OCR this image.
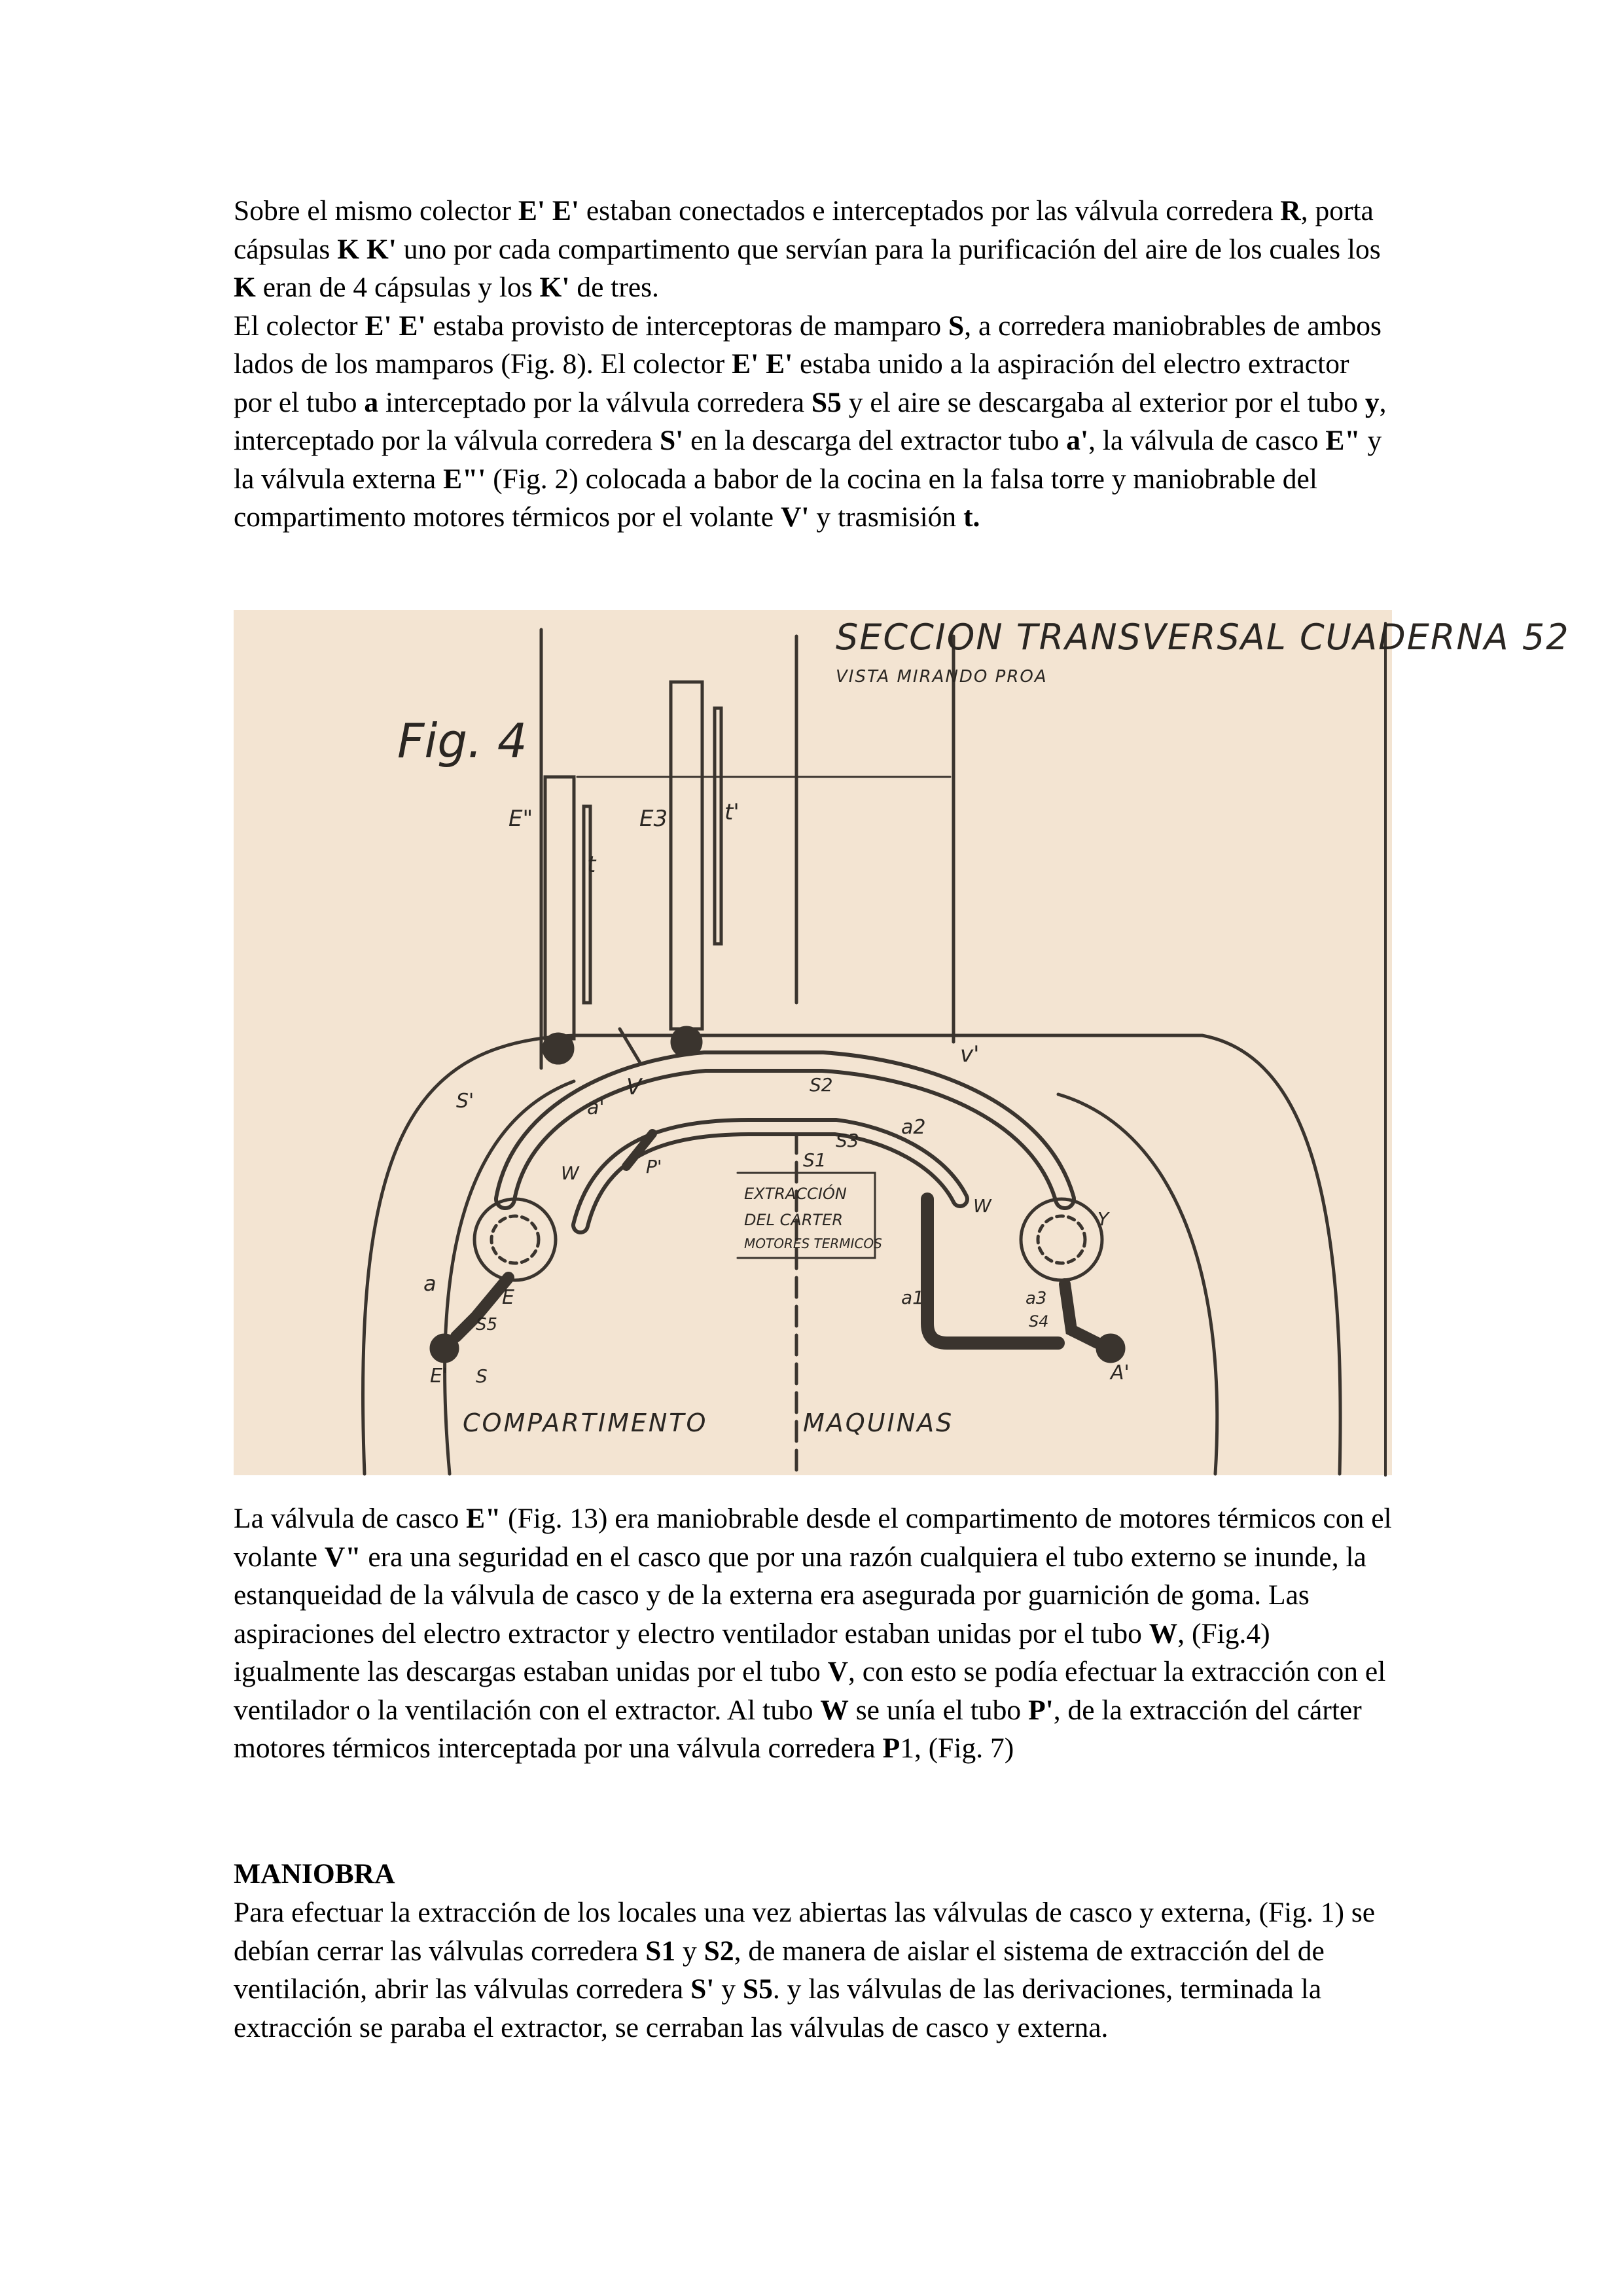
Sobre el mismo colector E' E' estaban conectados e interceptados por las válvula corredera R, porta cápsulas K K' uno por cada compartimento que servían para la purificación del aire de los cuales los K eran de 4 cápsulas y los K' de tres.

El colector E' E' estaba provisto de interceptoras de mamparo S, a corredera maniobrables de ambos lados de los mamparos (Fig. 8). El colector E' E' estaba unido a la aspiración del electro extractor por el tubo a interceptado por la válvula corredera S5 y el aire se descargaba al exterior por el tubo y, interceptado por la válvula corredera S' en la descarga del extractor tubo a', la válvula de casco E" y la válvula externa E"' (Fig. 2) colocada a babor de la cocina en la falsa torre y maniobrable del compartimento motores térmicos por el volante V' y trasmisión t.

SECCION TRANSVERSAL CUADERNA 52
VISTA MIRANDO PROA
Fig. 4
E"
t
E3	t'
V
v'
S'	a'
S2
W	P'	S1
S3
a2
W
Y
a
E
S5
E' S
a1	a3
S4
A'
EXTRACCIÓN
DEL CARTER
MOTORES TERMICOS
COMPARTIMENTO	MAQUINAS

La válvula de casco E" (Fig. 13) era maniobrable desde el compartimento de motores térmicos con el volante V" era una seguridad en el casco que por una razón cualquiera el tubo externo se inunde, la estanqueidad de la válvula de casco y de la externa era asegurada por guarnición de goma. Las aspiraciones del electro extractor y electro ventilador estaban unidas por el tubo W, (Fig.4) igualmente las descargas estaban unidas por el tubo V, con esto se podía efectuar la extracción con el ventilador o la ventilación con el extractor. Al tubo W se unía el tubo P', de la extracción del cárter motores térmicos interceptada por una válvula corredera P1, (Fig. 7)

MANIOBRA

Para efectuar la extracción de los locales una vez abiertas las válvulas de casco y externa, (Fig. 1) se debían cerrar las válvulas corredera S1 y S2, de manera de aislar el sistema de extracción del de ventilación, abrir las válvulas corredera S' y S5. y las válvulas de las derivaciones, terminada la extracción se paraba el extractor, se cerraban las válvulas de casco y externa.
